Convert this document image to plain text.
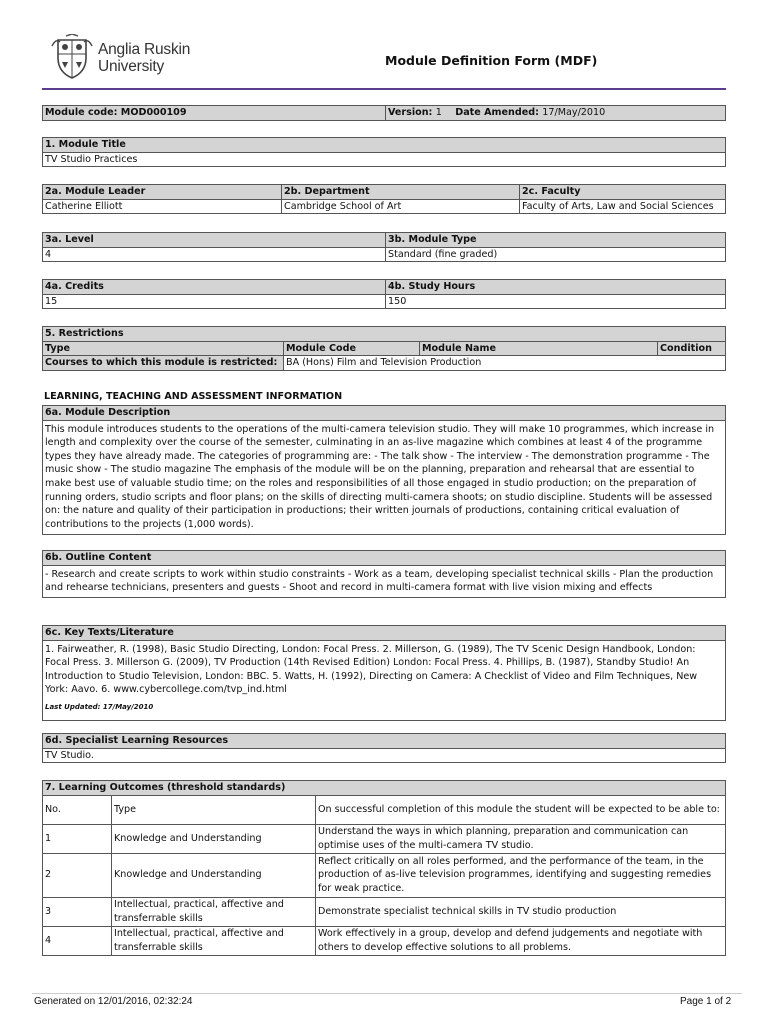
Anglia Ruskin
University	Module Definition Form (MDF)
Module code: MOD000109	Version: 1 Date Amended: 17/May/2010
1. Module Title
TV Studio Practices
2a. Module Leader	2b. Department	2c. Faculty
Catherine Elliott	Cambridge School of Art	Faculty of Arts, Law and Social Sciences
3a. Level	3b. Module Type
4	Standard (fine graded)
4a. Credits	4b. Study Hours
15	150
5. Restrictions			
Type	Module Code	Module Name	Condition
Courses to which this module is restricted:	BA (Hons) Film and Television Production		
LEARNING, TEACHING AND ASSESSMENT INFORMATION
6a. Module Description
This module introduces students to the operations of the multi-camera television studio. They will make 10 programmes, which increase in length and complexity over the course of the semester, culminating in an as-live magazine which combines at least 4 of the programme types they have already made. The categories of programming are: - The talk show - The interview - The demonstration programme - The music show - The studio magazine The emphasis of the module will be on the planning, preparation and rehearsal that are essential to make best use of valuable studio time; on the roles and responsibilities of all those engaged in studio production; on the preparation of running orders, studio scripts and floor plans; on the skills of directing multi-camera shoots; on studio discipline. Students will be assessed on: the nature and quality of their participation in productions; their written journals of productions, containing critical evaluation of contributions to the projects (1,000 words).
6b. Outline Content
- Research and create scripts to work within studio constraints - Work as a team, developing specialist technical skills - Plan the production and rehearse technicians, presenters and guests - Shoot and record in multi-camera format with live vision mixing and effects
6c. Key Texts/Literature
1. Fairweather, R. (1998), Basic Studio Directing, London: Focal Press. 2. Millerson, G. (1989), The TV Scenic Design Handbook, London: Focal Press. 3. Millerson G. (2009), TV Production (14th Revised Edition) London: Focal Press. 4. Phillips, B. (1987), Standby Studio! An Introduction to Studio Television, London: BBC. 5. Watts, H. (1992), Directing on Camera: A Checklist of Video and Film Techniques, New York: Aavo. 6. www.cybercollege.com/tvp_ind.html
Last Updated: 17/May/2010
6d. Specialist Learning Resources
TV Studio.
7. Learning Outcomes (threshold standards)		
No.	Type	On successful completion of this module the student will be expected to be able to:
1	Knowledge and Understanding	Understand the ways in which planning, preparation and communication can optimise uses of the multi-camera TV studio.
2	Knowledge and Understanding	Reflect critically on all roles performed, and the performance of the team, in the production of as-live television programmes, identifying and suggesting remedies for weak practice.
3	Intellectual, practical, affective and transferrable skills	Demonstrate specialist technical skills in TV studio production
4	Intellectual, practical, affective and transferrable skills	Work effectively in a group, develop and defend judgements and negotiate with others to develop effective solutions to all problems.
Generated on 12/01/2016, 02:32:24	Page 1 of 2
